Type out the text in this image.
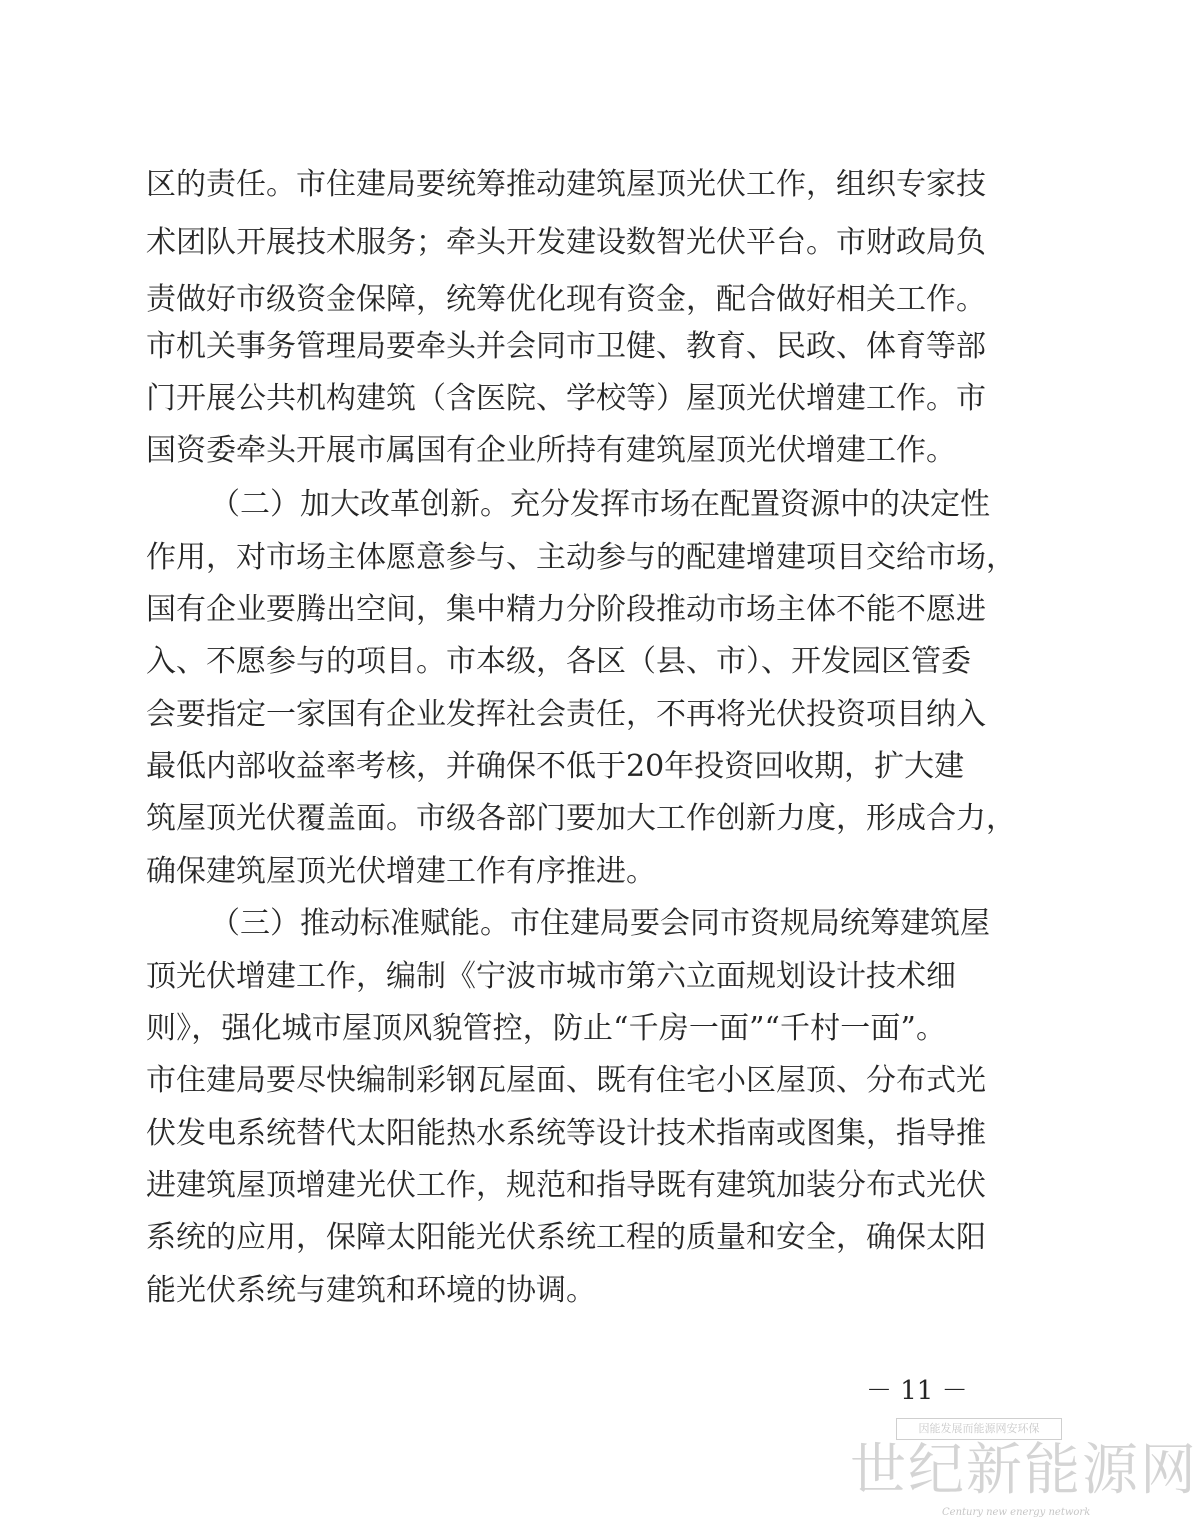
区的责任。市住建局要统筹推动建筑屋顶光伏工作，组织专家技
术团队开展技术服务；牵头开发建设数智光伏平台。市财政局负
责做好市级资金保障，统筹优化现有资金，配合做好相关工作。
市机关事务管理局要牵头并会同市卫健、教育、民政、体育等部
门开展公共机构建筑（含医院、学校等）屋顶光伏增建工作。市
国资委牵头开展市属国有企业所持有建筑屋顶光伏增建工作。
（二）加大改革创新。充分发挥市场在配置资源中的决定性
作用，对市场主体愿意参与、主动参与的配建增建项目交给市场，
国有企业要腾出空间，集中精力分阶段推动市场主体不能不愿进
入、不愿参与的项目。市本级，各区（县、市）、开发园区管委
会要指定一家国有企业发挥社会责任，不再将光伏投资项目纳入
最低内部收益率考核，并确保不低于20年投资回收期，扩大建
筑屋顶光伏覆盖面。市级各部门要加大工作创新力度，形成合力，
确保建筑屋顶光伏增建工作有序推进。
（三）推动标准赋能。市住建局要会同市资规局统筹建筑屋
顶光伏增建工作，编制《宁波市城市第六立面规划设计技术细
则》，强化城市屋顶风貌管控，防止“千房一面”“千村一面”。
市住建局要尽快编制彩钢瓦屋面、既有住宅小区屋顶、分布式光
伏发电系统替代太阳能热水系统等设计技术指南或图集，指导推
进建筑屋顶增建光伏工作，规范和指导既有建筑加装分布式光伏
系统的应用，保障太阳能光伏系统工程的质量和安全，确保太阳
能光伏系统与建筑和环境的协调。
－ 11 －
因能发展而能源网安环保
世纪新能源网
Century new energy network
